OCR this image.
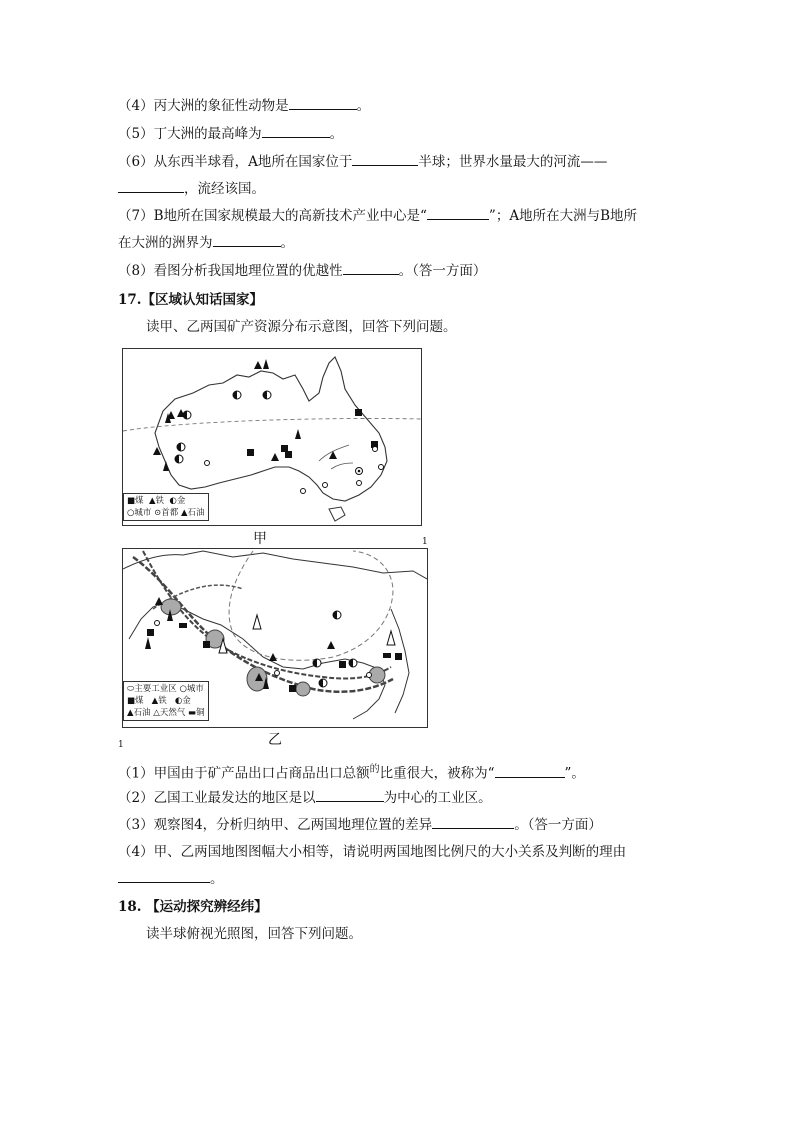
（4）丙大洲的象征性动物是	。
（5）丁大洲的最高峰为	。
（6）从东西半球看，A地所在国家位于	半球；世界水量最大的河流——
，流经该国。
（7）B地所在国家规模最大的高新技术产业中心是“	”；A地所在大洲与B地所
在大洲的洲界为	。
（8）看图分析我国地理位置的优越性	。（答一方面）
17.【区域认知话国家】
读甲、乙两国矿产资源分布示意图，回答下列问题。
■煤 ▲铁 ◐金
○城市 ⊙首都 ▲石油
甲	1
⬭主要工业区 ○城市
■煤 ▲铁 ◐金
▲石油 △天然气 ▬铜
1	乙
（1）甲国由于矿产品出口占商品出口总额$^的$比重很大，被称为“	”。
（2）乙国工业最发达的地区是以	为中心的工业区。
（3）观察图4，分析归纳甲、乙两国地理位置的差异	。（答一方面）
（4）甲、乙两国地图图幅大小相等，请说明两国地图比例尺的大小关系及判断的理由
。
18. 【运动探究辨经纬】
读半球俯视光照图，回答下列问题。
